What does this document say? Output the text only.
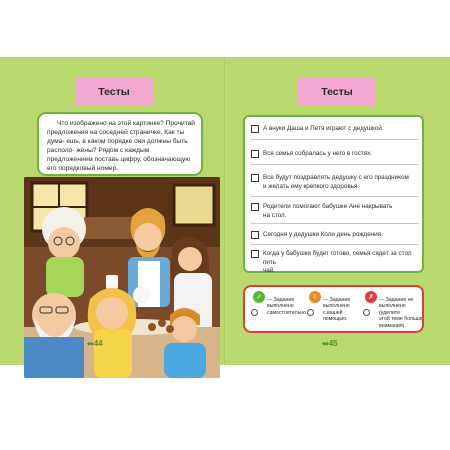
Тесты

Что изображено на этой картинке? Прочитай предложения на соседней страничке. Как ты дума- ешь, в каком порядке они должны быть располо- жены? Рядом с каждым предложением поставь цифру, обозначающую его порядковый номер.

◆◆ 44
Тесты
А внуки Даша и Петя играют с дедушкой.
Вся семья собралась у него в гостях.
Все будут поздравлять дедушку с его праздником
и желать ему крепкого здоровья.
Родители помогают бабушке Ане накрывать
на стол.
Сегодня у дедушки Коли день рождения.
Когда у бабушки будет готово, семья сядет за стол пить
чай.
✓ — Задание
выполнено
самостоятельно.
✌ — Задание
выполнено
с вашей
помощью.
✗ — Задание не
выполнено
(уделите
этой теме больше
внимания).
◆◆ 45
